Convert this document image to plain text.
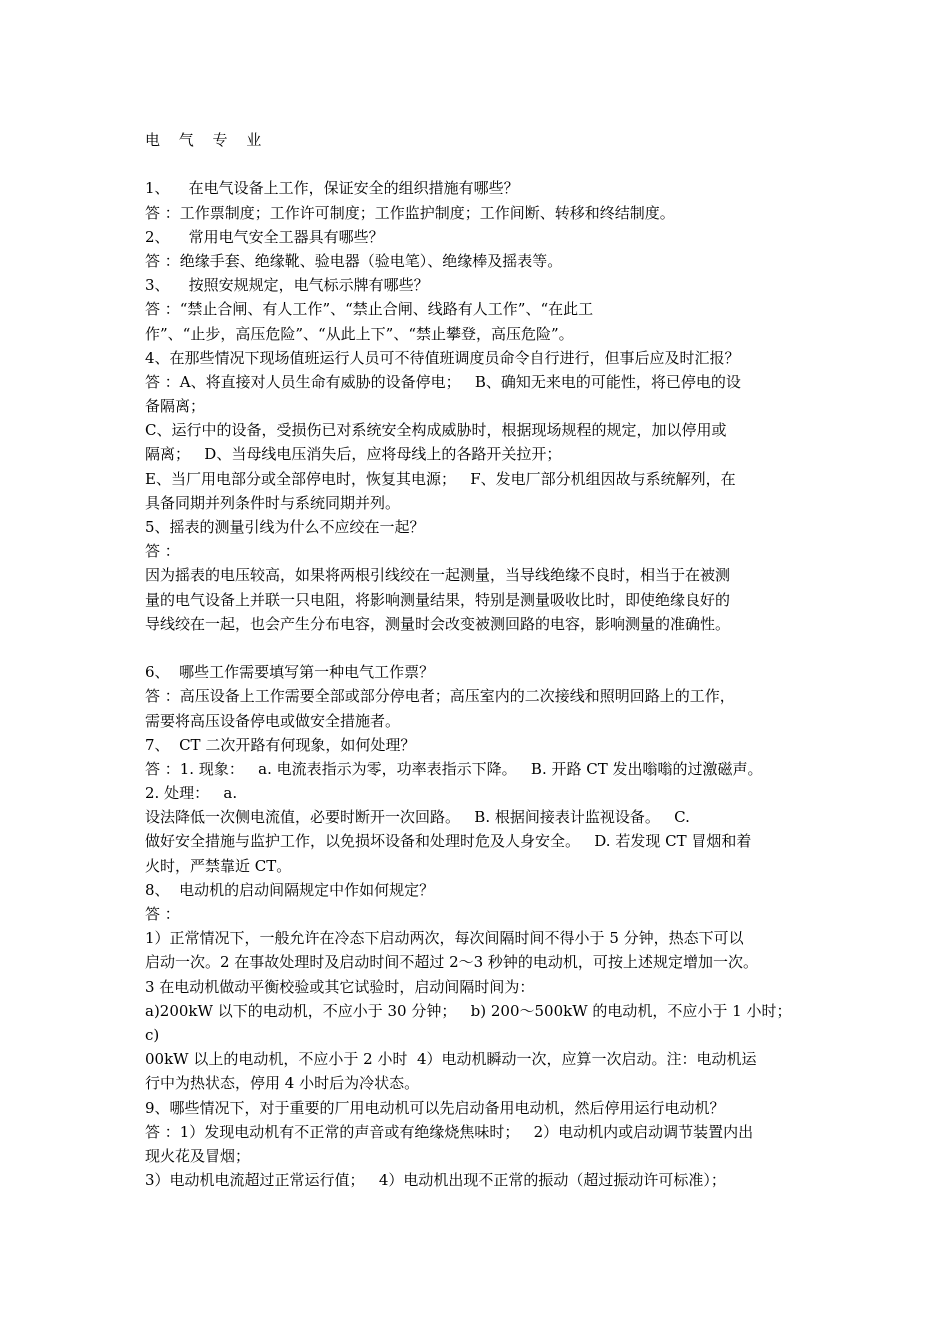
电 气 专 业
1、    在电气设备上工作，保证安全的组织措施有哪些？
答 ：工作票制度；工作许可制度；工作监护制度；工作间断、转移和终结制度。
2、    常用电气安全工器具有哪些？
答 ：绝缘手套、绝缘靴、验电器（验电笔）、绝缘棒及摇表等。
3、    按照安规规定，电气标示牌有哪些？
答 ：“禁止合闸、有人工作”、“禁止合闸、线路有人工作”、“在此工
作”、“止步，高压危险”、“从此上下”、“禁止攀登，高压危险”。
4、在那些情况下现场值班运行人员可不待值班调度员命令自行进行，但事后应及时汇报？
答 ：A、将直接对人员生命有威胁的设备停电；   B、确知无来电的可能性，将已停电的设
备隔离；
C、运行中的设备，受损伤已对系统安全构成威胁时，根据现场规程的规定，加以停用或
隔离；   D、当母线电压消失后，应将母线上的各路开关拉开；
E、当厂用电部分或全部停电时，恢复其电源；   F、发电厂部分机组因故与系统解列，在
具备同期并列条件时与系统同期并列。
5、摇表的测量引线为什么不应绞在一起？
答 ：
因为摇表的电压较高，如果将两根引线绞在一起测量，当导线绝缘不良时，相当于在被测
量的电气设备上并联一只电阻，将影响测量结果，特别是测量吸收比时，即使绝缘良好的
导线绞在一起，也会产生分布电容，测量时会改变被测回路的电容，影响测量的准确性。
6、  哪些工作需要填写第一种电气工作票？
答 ：高压设备上工作需要全部或部分停电者；高压室内的二次接线和照明回路上的工作，
需要将高压设备停电或做安全措施者。
7、  CT 二次开路有何现象，如何处理？
答 ：1. 现象：   a. 电流表指示为零，功率表指示下降。   B. 开路 CT 发出嗡嗡的过激磁声。
2. 处理：   a.
设法降低一次侧电流值，必要时断开一次回路。   B. 根据间接表计监视设备。   C.
做好安全措施与监护工作，以免损坏设备和处理时危及人身安全。   D. 若发现 CT 冒烟和着
火时，严禁靠近 CT。
8、  电动机的启动间隔规定中作如何规定？
答 ：
1）正常情况下，一般允许在冷态下启动两次，每次间隔时间不得小于 5 分钟，热态下可以
启动一次。2 在事故处理时及启动时间不超过 2～3 秒钟的电动机，可按上述规定增加一次。
3 在电动机做动平衡校验或其它试验时，启动间隔时间为：
a)200kW 以下的电动机，不应小于 30 分钟；   b) 200～500kW 的电动机，不应小于 1 小时；
c)
00kW 以上的电动机，不应小于 2 小时  4）电动机瞬动一次，应算一次启动。注：电动机运
行中为热状态，停用 4 小时后为冷状态。
9、哪些情况下，对于重要的厂用电动机可以先启动备用电动机，然后停用运行电动机？
答 ：1）发现电动机有不正常的声音或有绝缘烧焦味时；   2）电动机内或启动调节装置内出
现火花及冒烟；
3）电动机电流超过正常运行值；   4）电动机出现不正常的振动（超过振动许可标准）；
